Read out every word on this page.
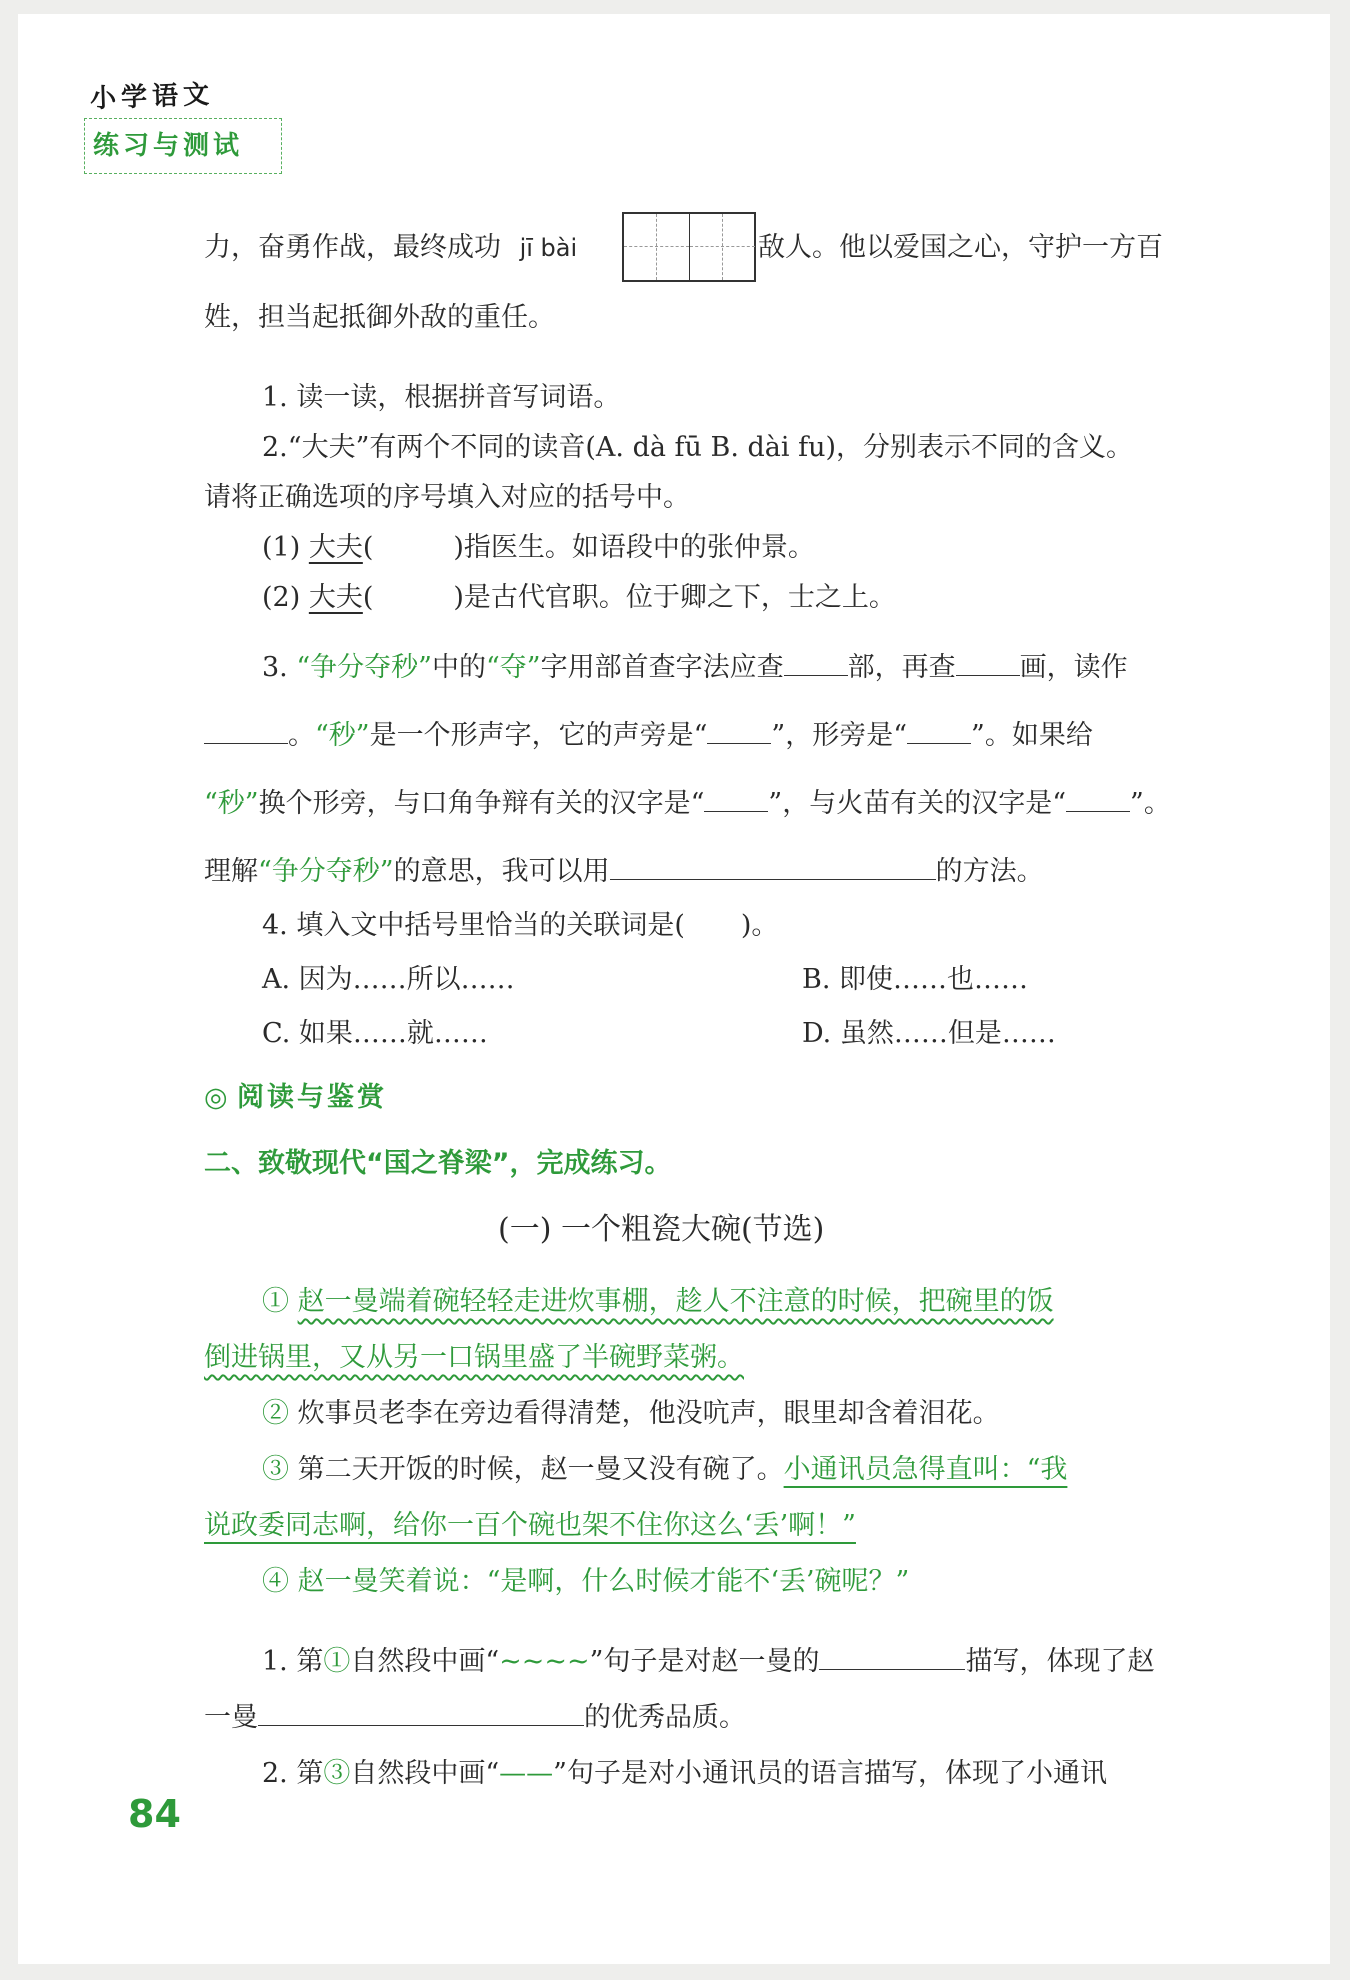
小学语文
练习与测试
力，奋勇作战，最终成功 jī bài	敌人。他以爱国之心，守护一方百
姓，担当起抵御外敌的重任。
1. 读一读，根据拼音写词语。
2.“大夫”有两个不同的读音(A. dà fū B. dài fu)，分别表示不同的含义。
请将正确选项的序号填入对应的括号中。
(1) 大夫(	)指医生。如语段中的张仲景。
(2) 大夫(	)是古代官职。位于卿之下，士之上。
3. “争分夺秒”中的“夺”字用部首查字法应查 部，再查 画，读作
。“秒”是一个形声字，它的声旁是“ ”，形旁是“ ”。如果给
“秒”换个形旁，与口角争辩有关的汉字是“ ”，与火苗有关的汉字是“ ”。
理解“争分夺秒”的意思，我可以用	的方法。
4. 填入文中括号里恰当的关联词是( )。
A. 因为……所以……	B. 即使……也……
C. 如果……就……	D. 虽然……但是……
◎ 阅读与鉴赏
二、致敬现代“国之脊梁”，完成练习。
(一) 一个粗瓷大碗(节选)
① 赵一曼端着碗轻轻走进炊事棚，趁人不注意的时候，把碗里的饭
倒进锅里，又从另一口锅里盛了半碗野菜粥。
② 炊事员老李在旁边看得清楚，他没吭声，眼里却含着泪花。
③ 第二天开饭的时候，赵一曼又没有碗了。小通讯员急得直叫：“我
说政委同志啊，给你一百个碗也架不住你这么‘丢’啊！”
④ 赵一曼笑着说：“是啊，什么时候才能不‘丢’碗呢？”
1. 第①自然段中画“~~~~”句子是对赵一曼的	描写，体现了赵
一曼	的优秀品质。
2. 第③自然段中画“——”句子是对小通讯员的语言描写，体现了小通讯
84
